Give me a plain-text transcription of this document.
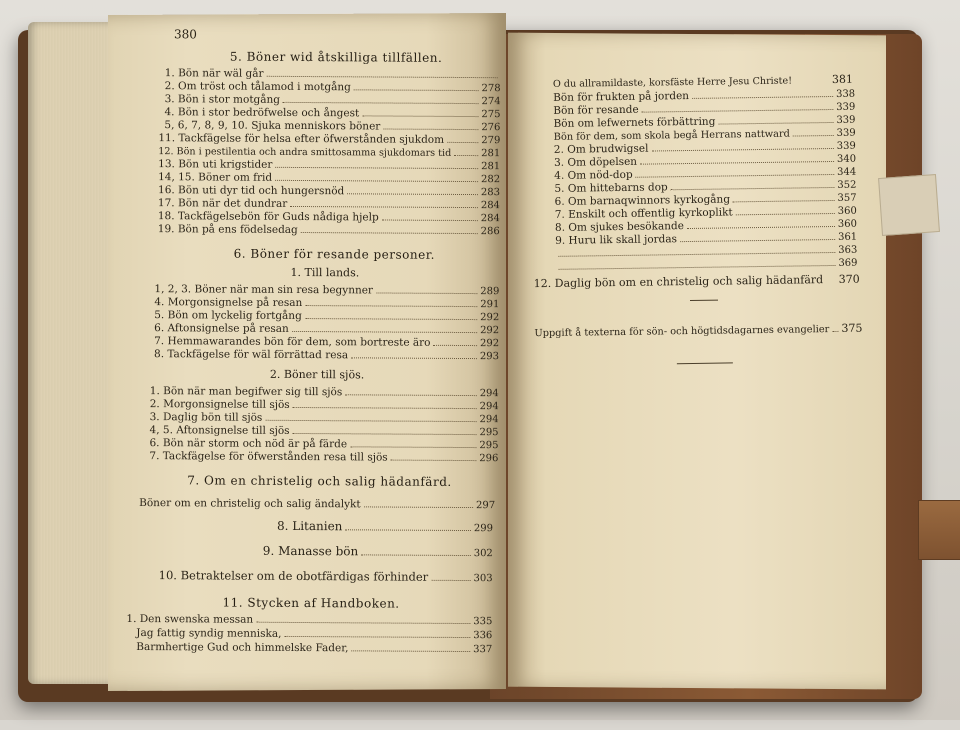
380
5. Böner wid åtskilliga tillfällen.
1. Bön när wäl går
2. Om tröst och tålamod i motgång	278
3. Bön i stor motgång	274
4. Bön i stor bedröfwelse och ångest	275
5, 6, 7, 8, 9, 10. Sjuka menniskors böner	276
11. Tackfägelse för helsa efter öfwerstånden sjukdom	279
12. Bön i pestilentia och andra smittosamma sjukdomars tid	281
13. Bön uti krigstider	281
14, 15. Böner om frid	282
16. Bön uti dyr tid och hungersnöd	283
17. Bön när det dundrar	284
18. Tackfägelsebön för Guds nådiga hjelp	284
19. Bön på ens födelsedag	286
6. Böner för resande personer.
1. Till lands.
1, 2, 3. Böner när man sin resa begynner	289
4. Morgonsignelse på resan	291
5. Bön om lyckelig fortgång	292
6. Aftonsignelse på resan	292
7. Hemmawarandes bön för dem, som bortreste äro	292
8. Tackfägelse för wäl förrättad resa	293
2. Böner till sjös.
1. Bön när man begifwer sig till sjös	294
2. Morgonsignelse till sjös	294
3. Daglig bön till sjös	294
4, 5. Aftonsignelse till sjös	295
6. Bön när storm och nöd är på färde	295
7. Tackfägelse för öfwerstånden resa till sjös	296
7. Om en christelig och salig hädanfärd.
Böner om en christelig och salig ändalykt	297
8. Litanien	299
9. Manasse bön	302
10. Betraktelser om de obotfärdigas förhinder	303
11. Stycken af Handboken.
1. Den swenska messan	335
Jag fattig syndig menniska,	336
Barmhertige Gud och himmelske Fader,	337
O du allramildaste, korsfäste Herre Jesu Christe!	381
Bön för frukten på jorden	338
Bön för resande	339
Bön om lefwernets förbättring	339
Bön för dem, som skola begå Herrans nattward	339
2. Om brudwigsel	339
3. Om döpelsen	340
4. Om nöd-dop	344
5. Om hittebarns dop	352
6. Om barnaqwinnors kyrkogång	357
7. Enskilt och offentlig kyrkoplikt	360
8. Om sjukes besökande	360
9. Huru lik skall jordas	361
363
369
12. Daglig bön om en christelig och salig hädanfärd 370
Uppgift å texterna för sön- och högtidsdagarnes evangelier 375
